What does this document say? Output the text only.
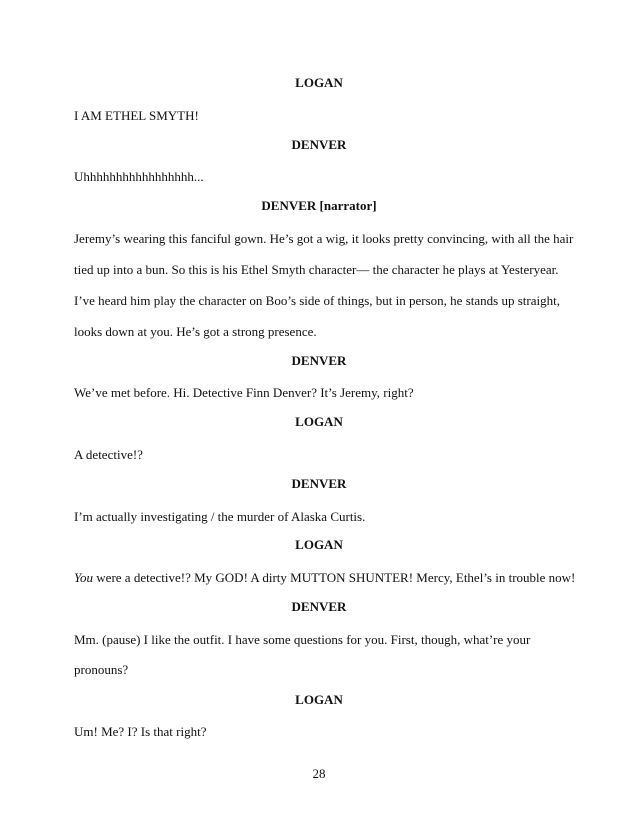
LOGAN
I AM ETHEL SMYTH!
DENVER
Uhhhhhhhhhhhhhhhhh...
DENVER [narrator]
Jeremy’s wearing this fanciful gown. He’s got a wig, it looks pretty convincing, with all the hair
tied up into a bun. So this is his Ethel Smyth character— the character he plays at Yesteryear.
I’ve heard him play the character on Boo’s side of things, but in person, he stands up straight,
looks down at you. He’s got a strong presence.
DENVER
We’ve met before. Hi. Detective Finn Denver? It’s Jeremy, right?
LOGAN
A detective!?
DENVER
I’m actually investigating / the murder of Alaska Curtis.
LOGAN
You were a detective!? My GOD! A dirty MUTTON SHUNTER! Mercy, Ethel’s in trouble now!
DENVER
Mm. (pause) I like the outfit. I have some questions for you. First, though, what’re your
pronouns?
LOGAN
Um! Me? I? Is that right?
28
